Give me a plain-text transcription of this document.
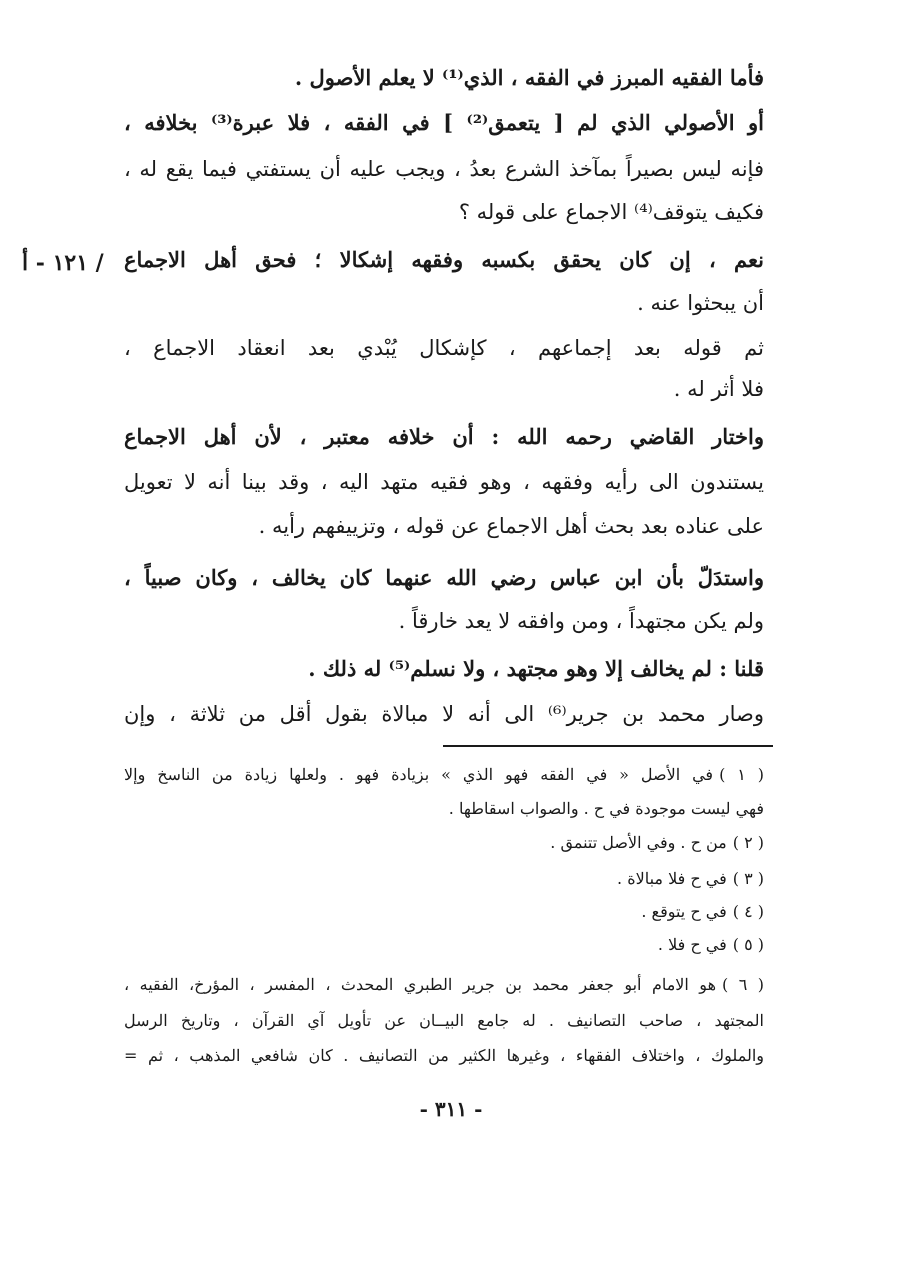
/ ١٢١ - أ
فأما الفقيه المبرز في الفقه ، الذي⁽¹⁾ لا يعلم الأصول .
أو الأصولي الذي لم [ يتعمق⁽²⁾ ] في الفقه ، فلا عبرة⁽³⁾ بخلافه ،
فإنه ليس بصيراً بمآخذ الشرع بعدُ ، ويجب عليه أن يستفتي فيما يقع له ،
فكيف يتوقف⁽⁴⁾ الاجماع على قوله ؟
نعم ، إن كان يحقق بكسبه وفقهه إشكالا ؛ فحق أهل الاجماع
أن يبحثوا عنه .
ثم قوله بعد إجماعهم ، كإشكال يُبْدي بعد انعقاد الاجماع ،
فلا أثر له .
واختار القاضي رحمه الله : أن خلافه معتبر ، لأن أهل الاجماع
يستندون الى رأيه وفقهه ، وهو فقيه متهد اليه ، وقد بينا أنه لا تعويل
على عناده بعد بحث أهل الاجماع عن قوله ، وتزييفهم رأيه .
واستدَلّ بأن ابن عباس رضي الله عنهما كان يخالف ، وكان صبياً ،
ولم يكن مجتهداً ، ومن وافقه لا يعد خارقاً .
قلنا : لم يخالف إلا وهو مجتهد ، ولا نسلم⁽⁵⁾ له ذلك .
وصار محمد بن جرير⁽⁶⁾ الى أنه لا مبالاة بقول أقل من ثلاثة ، وإن
( ١ )في الأصل « في الفقه فهو الذي » بزيادة فهو . ولعلها زيادة من الناسخ وإلا
فهي ليست موجودة في ح . والصواب اسقاطها .
( ٢ )من ح . وفي الأصل تتنمق .
( ٣ )في ح فلا مبالاة .
( ٤ )في ح يتوقع .
( ٥ )في ح فلا .
( ٦ )هو الامام أبو جعفر محمد بن جرير الطبري المحدث ، المفسر ، المؤرخ، الفقيه ،
المجتهد ، صاحب التصانيف . له جامع البيــان عن تأويل آي القرآن ، وتاريخ الرسل
والملوك ، واختلاف الفقهاء ، وغيرها الكثير من التصانيف . كان شافعي المذهب ، ثم =
- ٣١١ -
